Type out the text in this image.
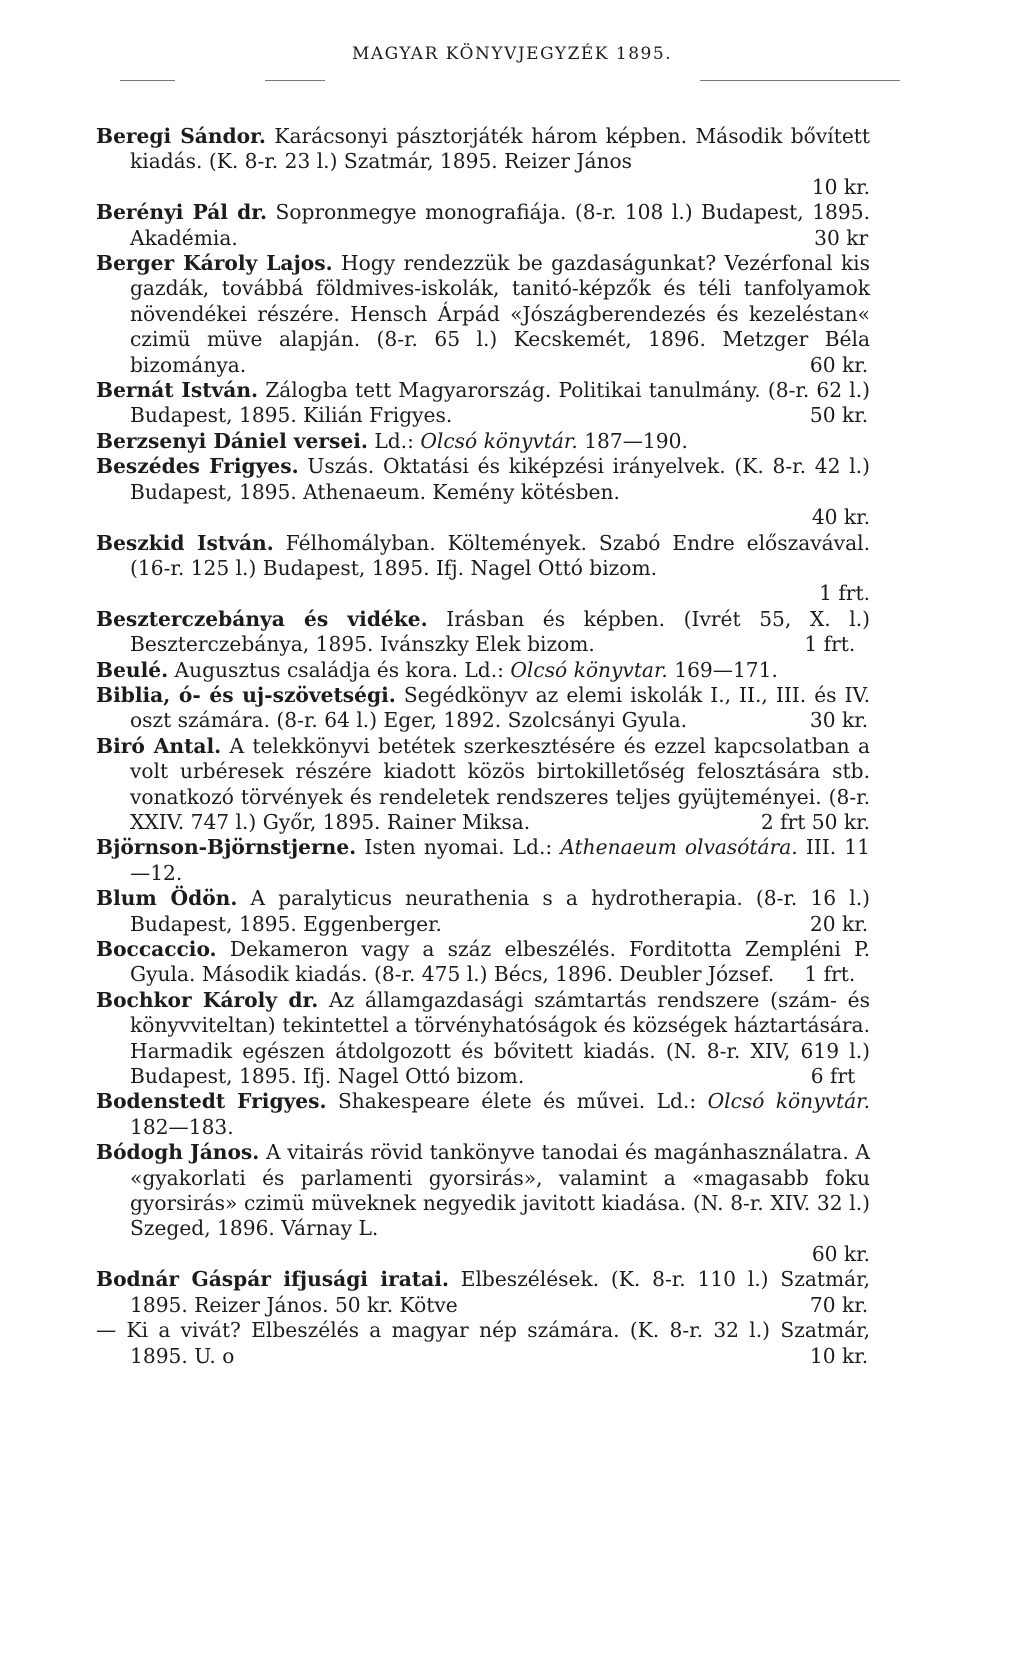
MAGYAR KÖNYVJEGYZÉK 1895.

Beregi Sándor. Karácsonyi pásztorjáték három képben. Második bővített kiadás. (K. 8-r. 23 l.) Szatmár, 1895. Reizer János
10 kr.

Berényi Pál dr. Sopronmegye monografiája. (8-r. 108 l.) Budapest, 1895. Akadémia.	30 kr

Berger Károly Lajos. Hogy rendezzük be gazdaságunkat? Vezérfonal kis gazdák, továbbá földmives-iskolák, tanitó-képzők és téli tanfolyamok növendékei részére. Hensch Árpád «Jószágberendezés és kezeléstan« czimü müve alapján. (8-r. 65 l.) Kecskemét, 1896. Metzger Béla bizománya.	60 kr.

Bernát István. Zálogba tett Magyarország. Politikai tanulmány. (8-r. 62 l.) Budapest, 1895. Kilián Frigyes.	50 kr.

Berzsenyi Dániel versei. Ld.: Olcsó könyvtár. 187—190.

Beszédes Frigyes. Uszás. Oktatási és kiképzési irányelvek. (K. 8-r. 42 l.) Budapest, 1895. Athenaeum. Kemény kötésben.
40 kr.

Beszkid István. Félhomályban. Költemények. Szabó Endre előszavával. (16-r. 125 l.) Budapest, 1895. Ifj. Nagel Ottó bizom.
1 frt.

Beszterczebánya és vidéke. Irásban és képben. (Ivrét 55, X. l.) Beszterczebánya, 1895. Ivánszky Elek bizom.	1 frt.

Beulé. Augusztus családja és kora. Ld.: Olcsó könyvtar. 169—171.

Biblia, ó- és uj-szövetségi. Segédkönyv az elemi iskolák I., II., III. és IV. oszt számára. (8-r. 64 l.) Eger, 1892. Szolcsányi Gyula.	30 kr.

Biró Antal. A telekkönyvi betétek szerkesztésére és ezzel kapcsolatban a volt urbéresek részére kiadott közös birtokilletőség felosztására stb. vonatkozó törvények és rendeletek rendszeres teljes gyüjteményei. (8-r. XXIV. 747 l.) Győr, 1895. Rainer Miksa.	2 frt 50 kr.

Björnson-Björnstjerne. Isten nyomai. Ld.: Athenaeum olvasótára. III. 11—12.

Blum Ödön. A paralyticus neurathenia s a hydrotherapia. (8-r. 16 l.) Budapest, 1895. Eggenberger.	20 kr.

Boccaccio. Dekameron vagy a száz elbeszélés. Forditotta Zempléni P. Gyula. Második kiadás. (8-r. 475 l.) Bécs, 1896. Deubler József. 1 frt.

Bochkor Károly dr. Az államgazdasági számtartás rendszere (szám- és könyvviteltan) tekintettel a törvényhatóságok és községek háztartására. Harmadik egészen átdolgozott és bővitett kiadás. (N. 8-r. XIV, 619 l.) Budapest, 1895. Ifj. Nagel Ottó bizom.	6 frt

Bodenstedt Frigyes. Shakespeare élete és művei. Ld.: Olcsó könyvtár. 182—183.

Bódogh János. A vitairás rövid tankönyve tanodai és magánhasználatra. A «gyakorlati és parlamenti gyorsirás», valamint a «magasabb foku gyorsirás» czimü müveknek negyedik javitott kiadása. (N. 8-r. XIV. 32 l.) Szeged, 1896. Várnay L.
60 kr.

Bodnár Gáspár ifjusági iratai. Elbeszélések. (K. 8-r. 110 l.) Szatmár, 1895. Reizer János. 50 kr. Kötve	70 kr.

— Ki a vivát? Elbeszélés a magyar nép számára. (K. 8-r. 32 l.) Szatmár, 1895. U. o	10 kr.
